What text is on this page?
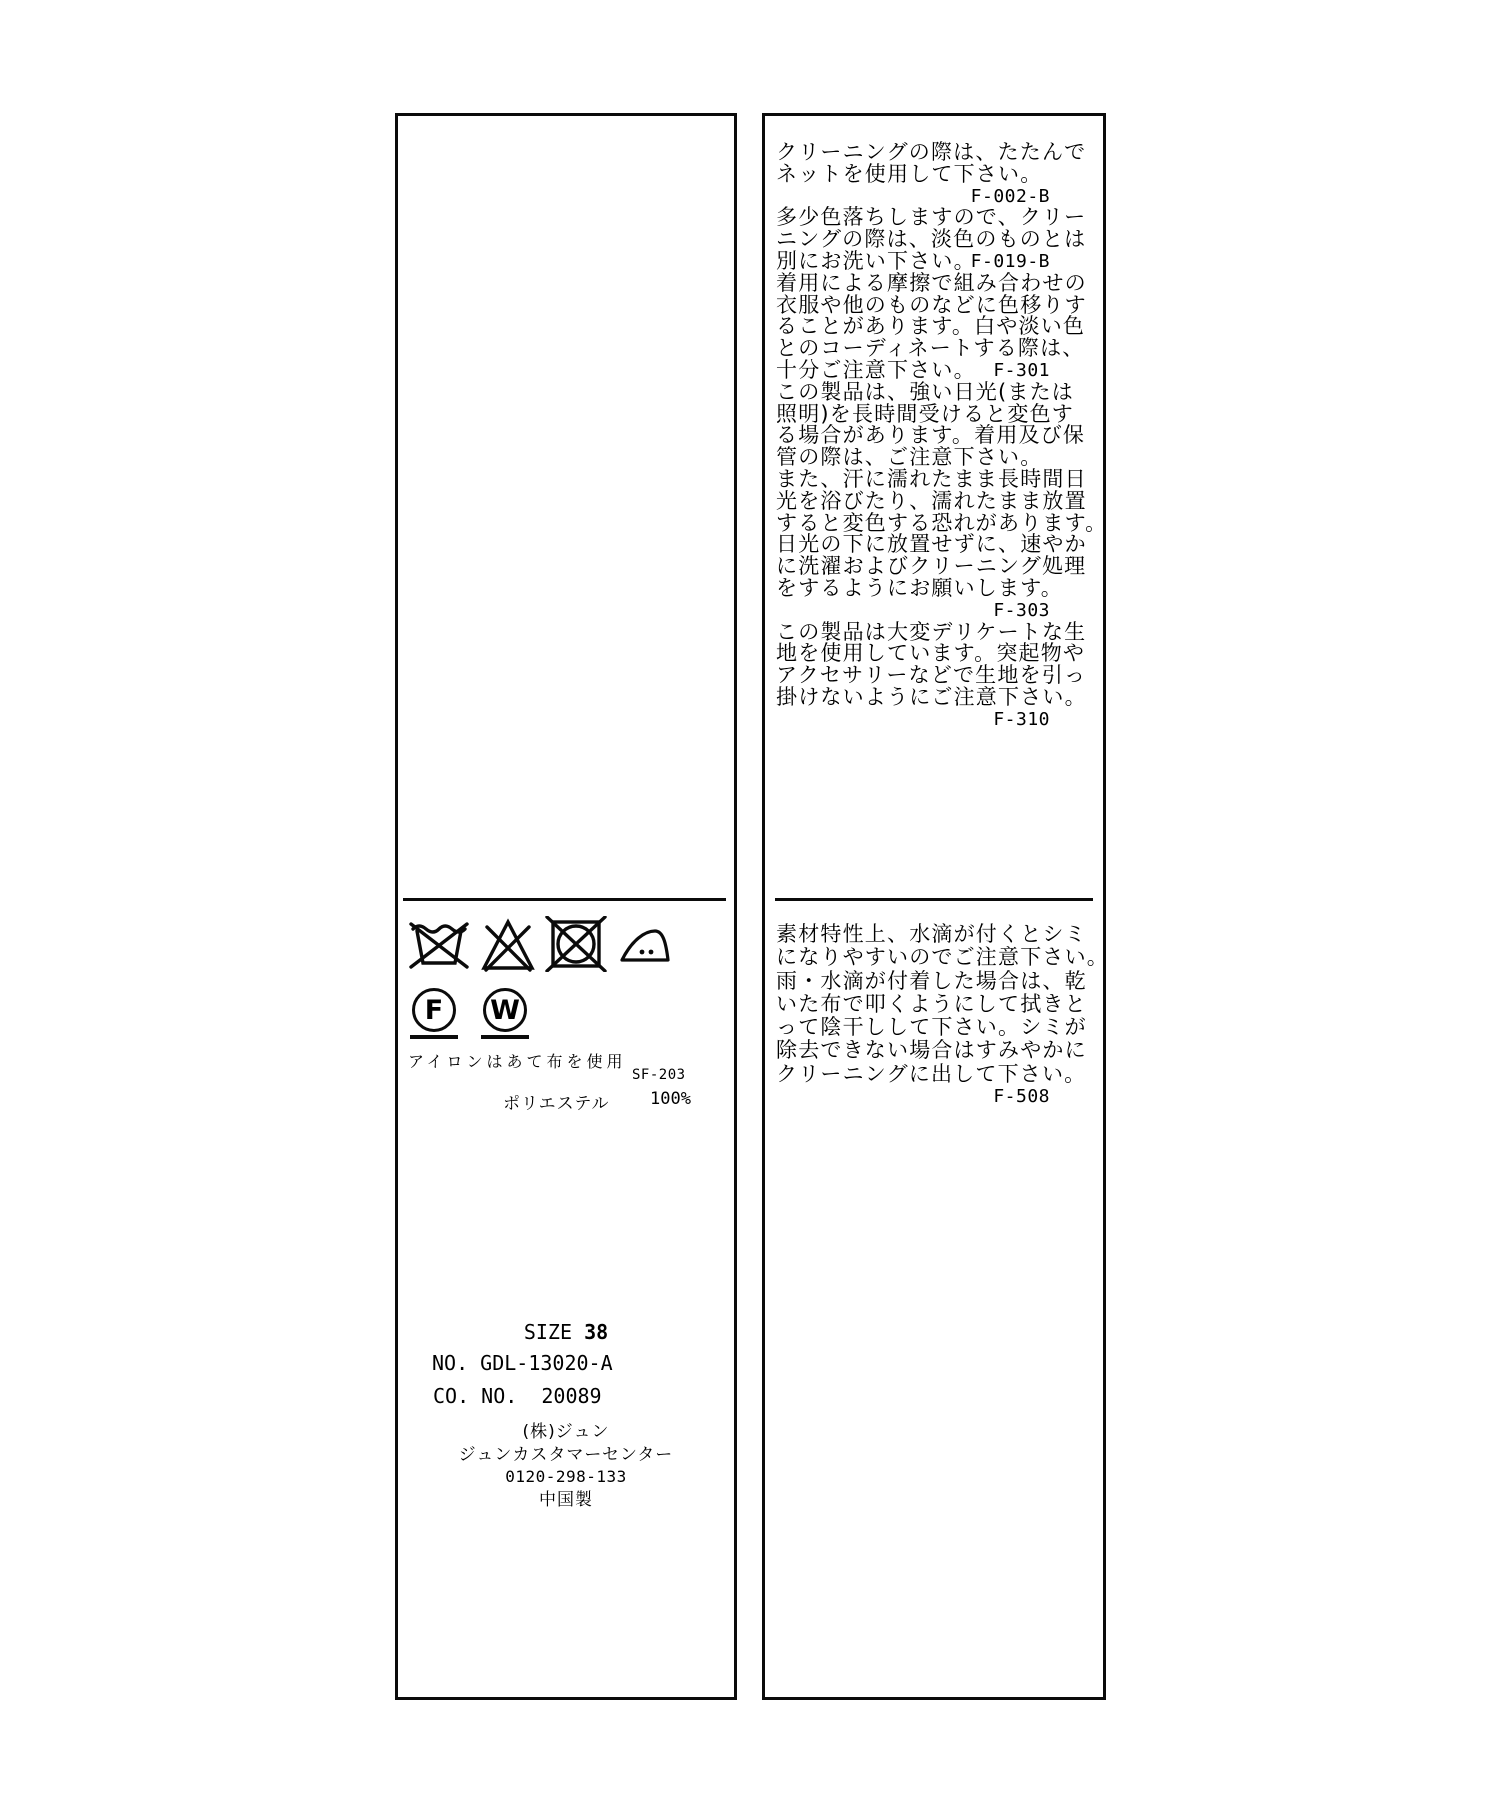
F W
アイロンはあて布を使用
SF-203
ポリエステル 100%
SIZE 38
NO. GDL-13020-A
CO. NO.  20089
(株)ジュン
ジュンカスタマーセンター
0120-298-133
中国製
クリーニングの際は、たたんで
ネットを使用して下さい。
F-002-B
多少色落ちしますので、クリー
ニングの際は、淡色のものとは
別にお洗い下さい。
F-019-B
着用による摩擦で組み合わせの
衣服や他のものなどに色移りす
ることがあります。白や淡い色
とのコーディネートする際は、
十分ご注意下さい。 F-301
この製品は、強い日光(または
照明)を長時間受けると変色す
る場合があります。着用及び保
管の際は、ご注意下さい。
また、汗に濡れたまま長時間日
光を浴びたり、濡れたまま放置
すると変色する恐れがあります。
日光の下に放置せずに、速やか
に洗濯およびクリーニング処理
をするようにお願いします。
F-303
この製品は大変デリケートな生
地を使用しています。突起物や
アクセサリーなどで生地を引っ
掛けないようにご注意下さい。
F-310
素材特性上、水滴が付くとシミ
になりやすいのでご注意下さい。
雨・水滴が付着した場合は、乾
いた布で叩くようにして拭きと
って陰干しして下さい。シミが
除去できない場合はすみやかに
クリーニングに出して下さい。
F-508
